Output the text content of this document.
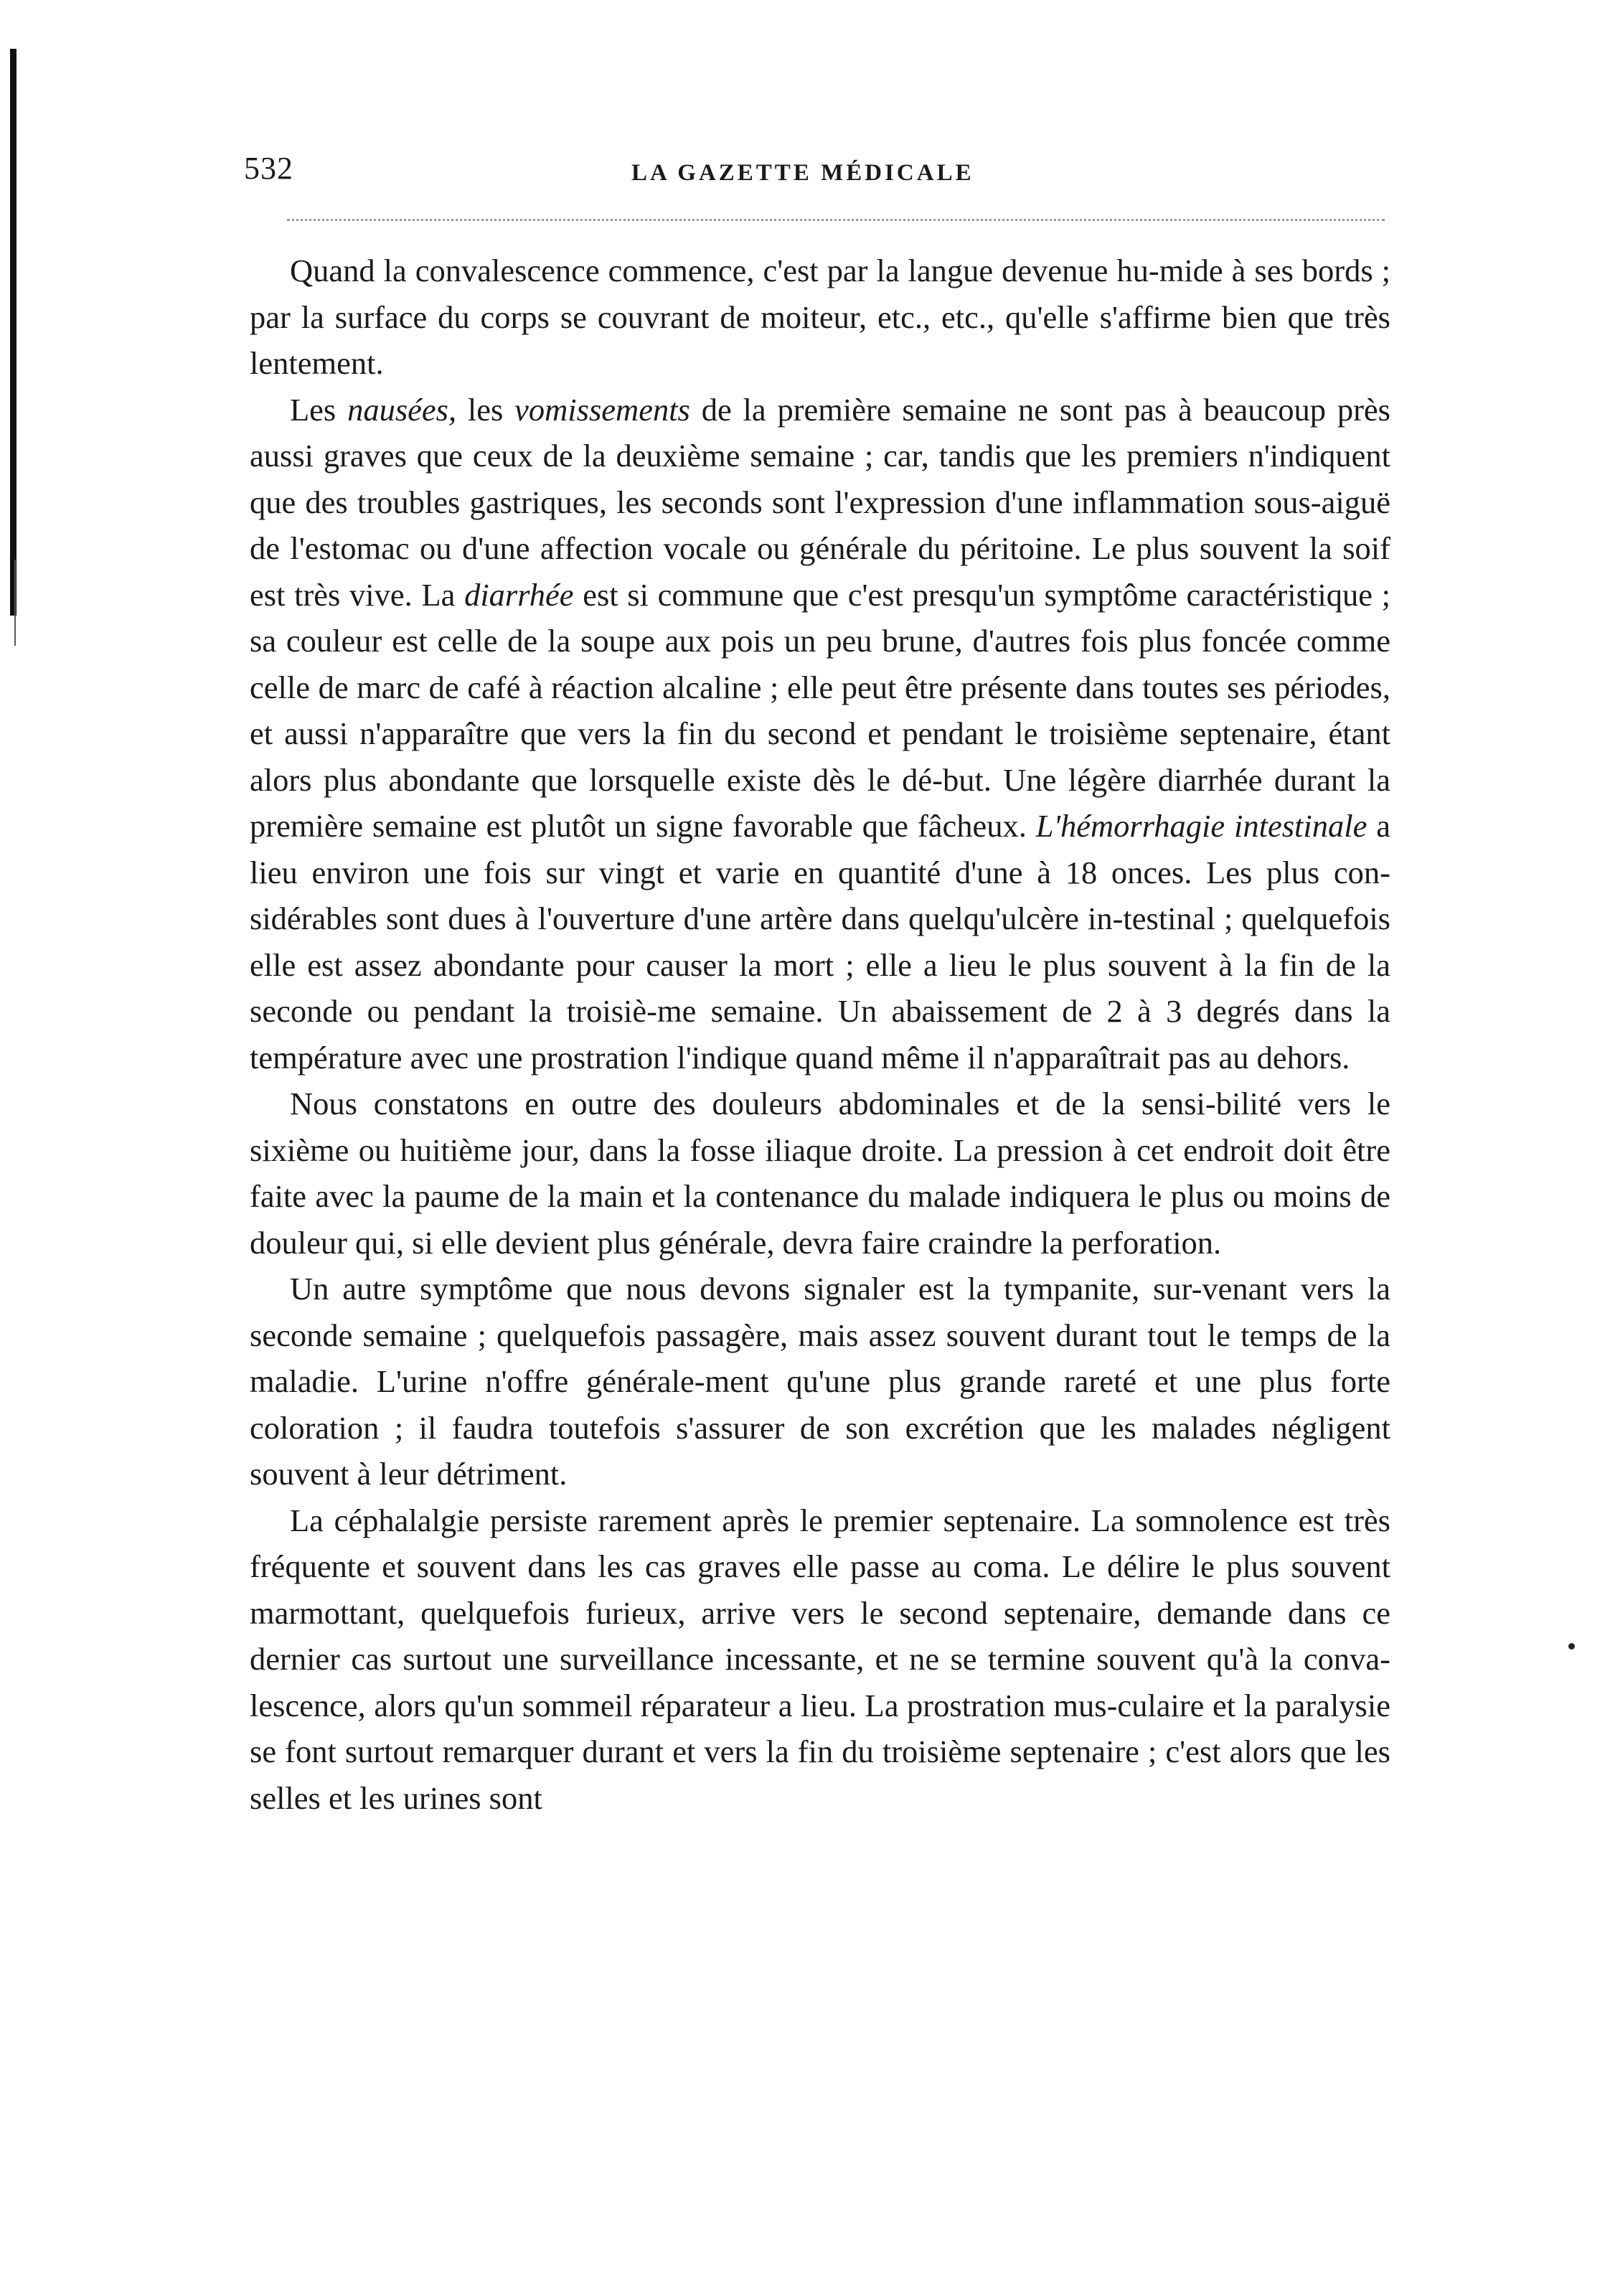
532	LA GAZETTE MÉDICALE

Quand la convalescence commence, c'est par la langue devenue hu-mide à ses bords ; par la surface du corps se couvrant de moiteur, etc., etc., qu'elle s'affirme bien que très lentement.

Les nausées, les vomissements de la première semaine ne sont pas à beaucoup près aussi graves que ceux de la deuxième semaine ; car, tandis que les premiers n'indiquent que des troubles gastriques, les seconds sont l'expression d'une inflammation sous-aiguë de l'estomac ou d'une affection vocale ou générale du péritoine. Le plus souvent la soif est très vive. La diarrhée est si commune que c'est presqu'un symptôme caractéristique ; sa couleur est celle de la soupe aux pois un peu brune, d'autres fois plus foncée comme celle de marc de café à réaction alcaline ; elle peut être présente dans toutes ses périodes, et aussi n'apparaître que vers la fin du second et pendant le troisième septenaire, étant alors plus abondante que lorsquelle existe dès le dé-but. Une légère diarrhée durant la première semaine est plutôt un signe favorable que fâcheux. L'hémorrhagie intestinale a lieu environ une fois sur vingt et varie en quantité d'une à 18 onces. Les plus con-sidérables sont dues à l'ouverture d'une artère dans quelqu'ulcère in-testinal ; quelquefois elle est assez abondante pour causer la mort ; elle a lieu le plus souvent à la fin de la seconde ou pendant la troisiè-me semaine. Un abaissement de 2 à 3 degrés dans la température avec une prostration l'indique quand même il n'apparaîtrait pas au dehors.

Nous constatons en outre des douleurs abdominales et de la sensi-bilité vers le sixième ou huitième jour, dans la fosse iliaque droite. La pression à cet endroit doit être faite avec la paume de la main et la contenance du malade indiquera le plus ou moins de douleur qui, si elle devient plus générale, devra faire craindre la perforation.

Un autre symptôme que nous devons signaler est la tympanite, sur-venant vers la seconde semaine ; quelquefois passagère, mais assez souvent durant tout le temps de la maladie. L'urine n'offre générale-ment qu'une plus grande rareté et une plus forte coloration ; il faudra toutefois s'assurer de son excrétion que les malades négligent souvent à leur détriment.

La céphalalgie persiste rarement après le premier septenaire. La somnolence est très fréquente et souvent dans les cas graves elle passe au coma. Le délire le plus souvent marmottant, quelquefois furieux, arrive vers le second septenaire, demande dans ce dernier cas surtout une surveillance incessante, et ne se termine souvent qu'à la conva-lescence, alors qu'un sommeil réparateur a lieu. La prostration mus-culaire et la paralysie se font surtout remarquer durant et vers la fin du troisième septenaire ; c'est alors que les selles et les urines sont
